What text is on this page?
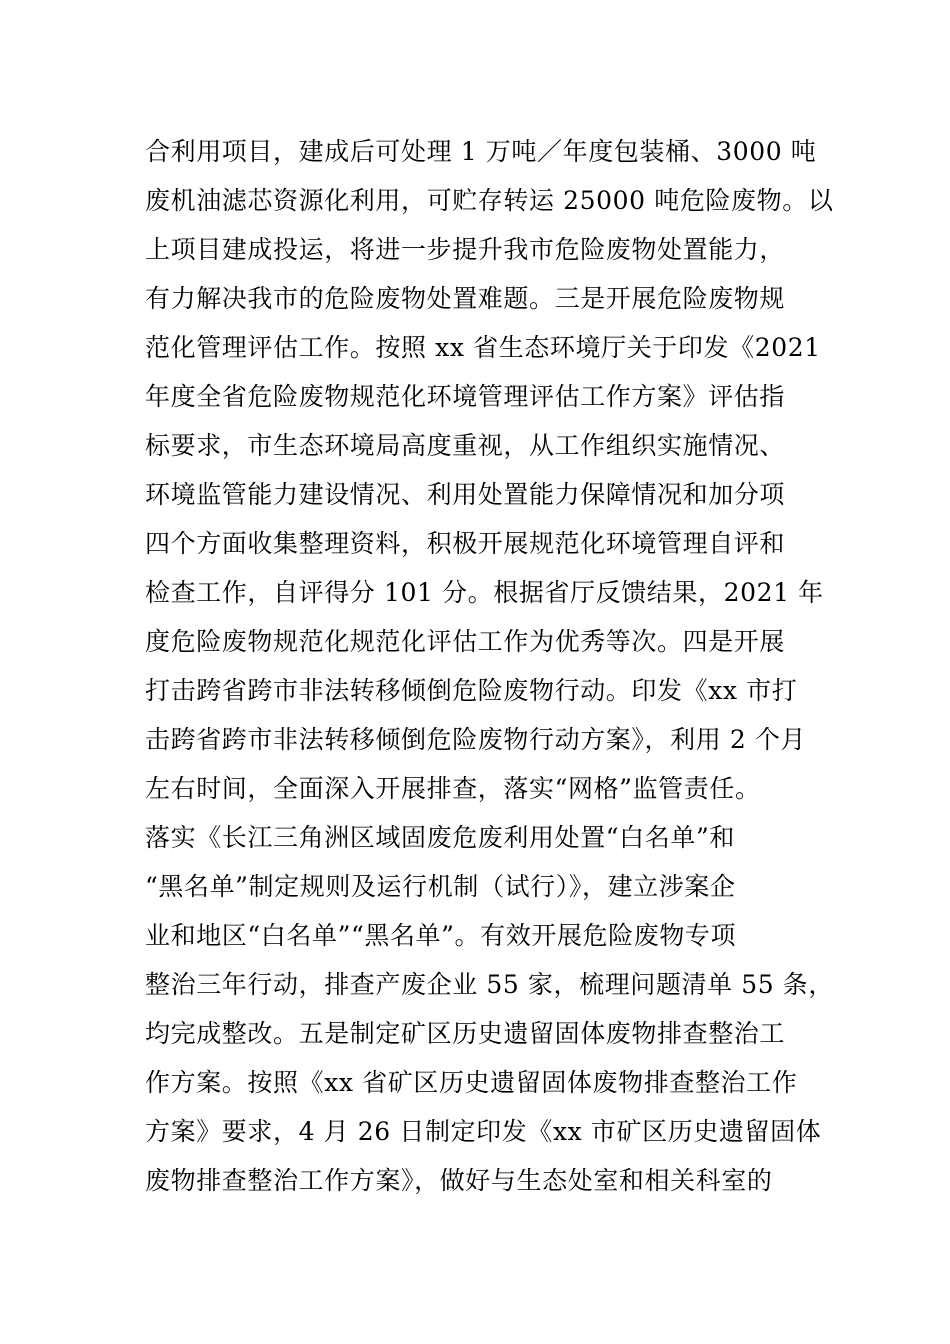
合利用项目，建成后可处理 1 万吨／年度包装桶、3000 吨
废机油滤芯资源化利用，可贮存转运 25000 吨危险废物。以
上项目建成投运，将进一步提升我市危险废物处置能力，
有力解决我市的危险废物处置难题。三是开展危险废物规
范化管理评估工作。按照 xx 省生态环境厅关于印发《2021
年度全省危险废物规范化环境管理评估工作方案》评估指
标要求，市生态环境局高度重视，从工作组织实施情况、
环境监管能力建设情况、利用处置能力保障情况和加分项
四个方面收集整理资料，积极开展规范化环境管理自评和
检查工作，自评得分 101 分。根据省厅反馈结果，2021 年
度危险废物规范化规范化评估工作为优秀等次。四是开展
打击跨省跨市非法转移倾倒危险废物行动。印发《xx 市打
击跨省跨市非法转移倾倒危险废物行动方案》，利用 2 个月
左右时间，全面深入开展排查，落实“网格”监管责任。
落实《长江三角洲区域固废危废利用处置“白名单”和
“黑名单”制定规则及运行机制（试行）》，建立涉案企
业和地区“白名单”“黑名单”。有效开展危险废物专项
整治三年行动，排查产废企业 55 家，梳理问题清单 55 条，
均完成整改。五是制定矿区历史遗留固体废物排查整治工
作方案。按照《xx 省矿区历史遗留固体废物排查整治工作
方案》要求，4 月 26 日制定印发《xx 市矿区历史遗留固体
废物排查整治工作方案》，做好与生态处室和相关科室的
